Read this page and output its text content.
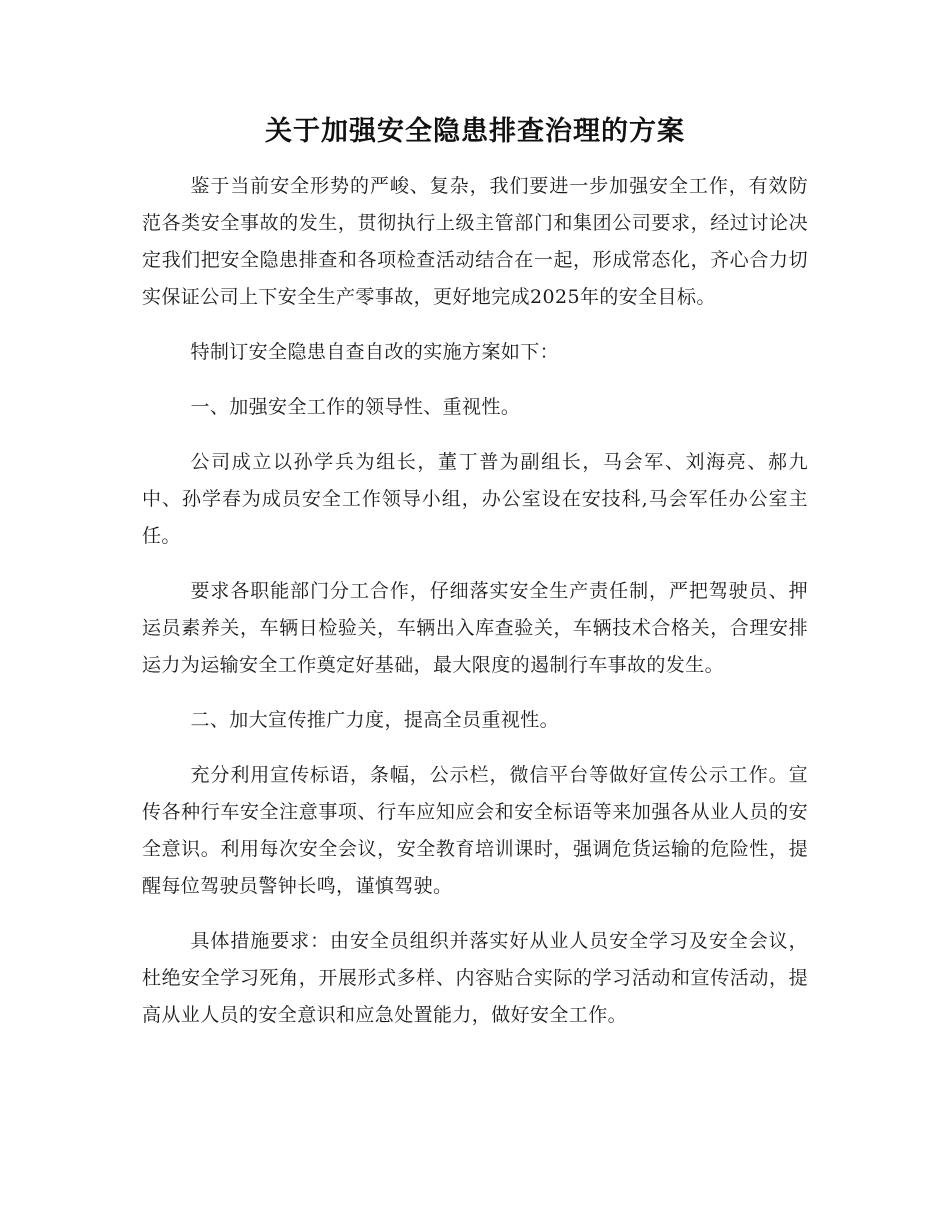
关于加强安全隐患排查治理的方案

鉴于当前安全形势的严峻、复杂，我们要进一步加强安全工作，有效防范各类安全事故的发生，贯彻执行上级主管部门和集团公司要求，经过讨论决定我们把安全隐患排查和各项检查活动结合在一起，形成常态化，齐心合力切实保证公司上下安全生产零事故，更好地完成2025年的安全目标。

特制订安全隐患自查自改的实施方案如下：

一、加强安全工作的领导性、重视性。

公司成立以孙学兵为组长，董丁普为副组长，马会军、刘海亮、郝九中、孙学春为成员安全工作领导小组，办公室设在安技科,马会军任办公室主任。

要求各职能部门分工合作，仔细落实安全生产责任制，严把驾驶员、押运员素养关，车辆日检验关，车辆出入库查验关，车辆技术合格关，合理安排运力为运输安全工作奠定好基础，最大限度的遏制行车事故的发生。

二、加大宣传推广力度，提高全员重视性。

充分利用宣传标语，条幅，公示栏，微信平台等做好宣传公示工作。宣传各种行车安全注意事项、行车应知应会和安全标语等来加强各从业人员的安全意识。利用每次安全会议，安全教育培训课时，强调危货运输的危险性，提醒每位驾驶员警钟长鸣，谨慎驾驶。

具体措施要求：由安全员组织并落实好从业人员安全学习及安全会议，杜绝安全学习死角，开展形式多样、内容贴合实际的学习活动和宣传活动，提高从业人员的安全意识和应急处置能力，做好安全工作。
